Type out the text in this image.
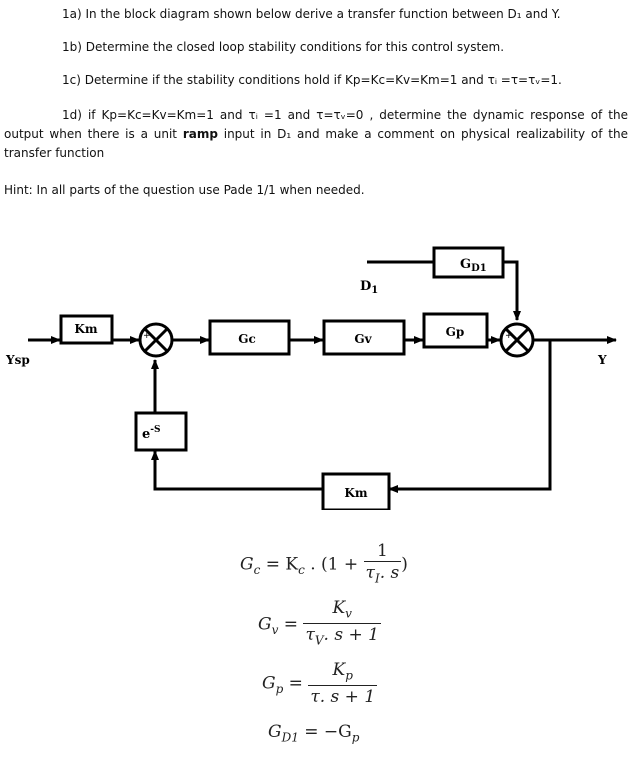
1a) In the block diagram shown below derive a transfer function between D₁ and Y.
1b) Determine the closed loop stability conditions for this control system.
1c) Determine if the stability conditions hold if Kp=Kc=Kv=Km=1 and τᵢ =τ=τᵥ=1.
1d) if Kp=Kc=Kv=Km=1 and τᵢ =1 and τ=τᵥ=0 , determine the dynamic response of the output when there is a unit ramp input in D₁ and make a comment on physical realizability of the transfer function
Hint: In all parts of the question use Pade 1/1 when needed.
Km
Gc	Gv	Gp
$G_{D1}$
$e^{-S}$
Km
Ysp	Y
$D_1$
+	+
$G_c = K_c$ . ($1 + \frac{1}{\tau_I. s}$ )
$G_v = \frac{K_v}{\tau_V. s + 1}$
$G_p = \frac{K_p}{\tau. s + 1}$
$G_{D1} = -G_p$
